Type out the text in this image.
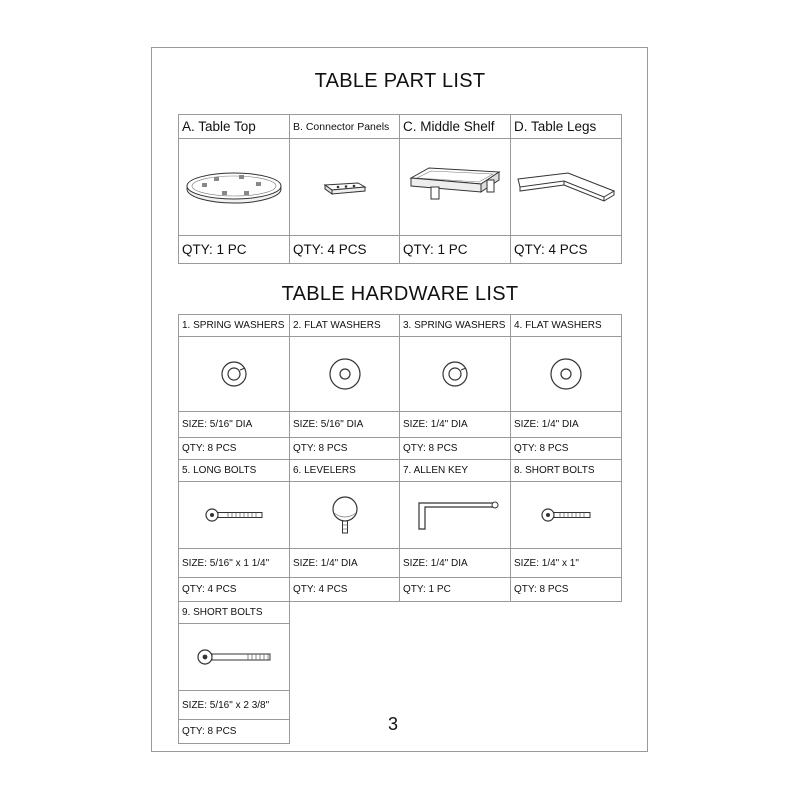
TABLE PART LIST
A. Table Top	B. Connector Panels	C. Middle Shelf	D. Table Legs

QTY: 1 PC	QTY: 4 PCS	QTY: 1 PC	QTY: 4 PCS
TABLE HARDWARE LIST
1. SPRING WASHERS	2. FLAT WASHERS	3. SPRING WASHERS	4. FLAT WASHERS

SIZE: 5/16" DIA	SIZE: 5/16" DIA	SIZE: 1/4" DIA	SIZE: 1/4" DIA
QTY: 8 PCS	QTY: 8 PCS	QTY: 8 PCS	QTY: 8 PCS
5. LONG BOLTS	6. LEVELERS	7. ALLEN KEY	8. SHORT BOLTS

SIZE: 5/16" x 1 1/4"	SIZE: 1/4" DIA	SIZE: 1/4" DIA	SIZE: 1/4" x 1"
QTY: 4 PCS	QTY: 4 PCS	QTY: 1 PC	QTY: 8 PCS
9. SHORT BOLTS			

SIZE: 5/16" x 2 3/8"			
QTY: 8 PCS				3
